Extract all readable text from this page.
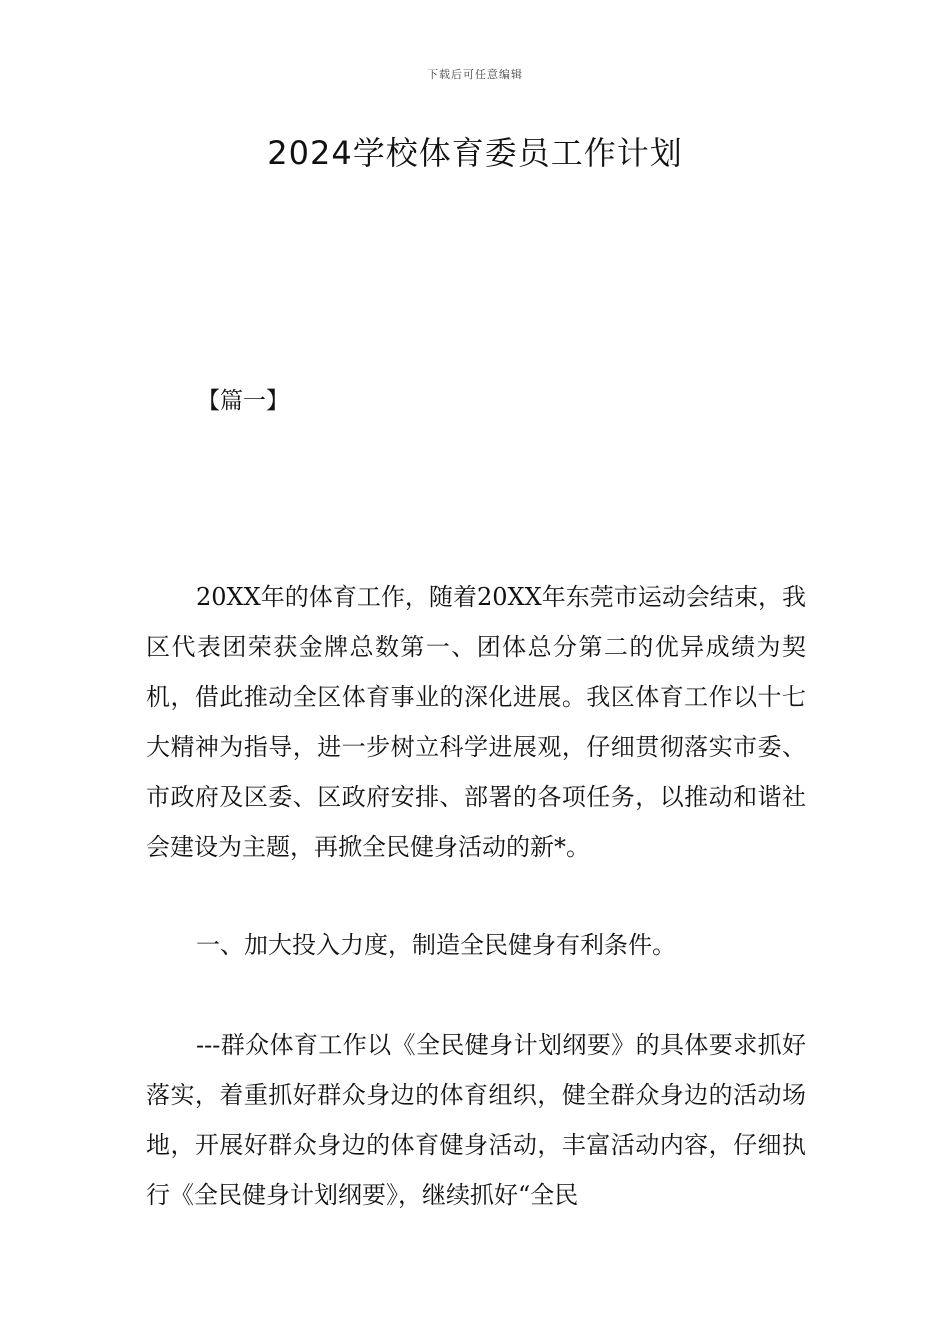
下载后可任意编辑
2024学校体育委员工作计划

【篇一】

20XX年的体育工作，随着20XX年东莞市运动会结束，我区代表团荣获金牌总数第一、团体总分第二的优异成绩为契机，借此推动全区体育事业的深化进展。我区体育工作以十七大精神为指导，进一步树立科学进展观，仔细贯彻落实市委、市政府及区委、区政府安排、部署的各项任务，以推动和谐社会建设为主题，再掀全民健身活动的新*。

一、加大投入力度，制造全民健身有利条件。

---群众体育工作以《全民健身计划纲要》的具体要求抓好落实，着重抓好群众身边的体育组织，健全群众身边的活动场地，开展好群众身边的体育健身活动，丰富活动内容，仔细执行《全民健身计划纲要》，继续抓好“全民
